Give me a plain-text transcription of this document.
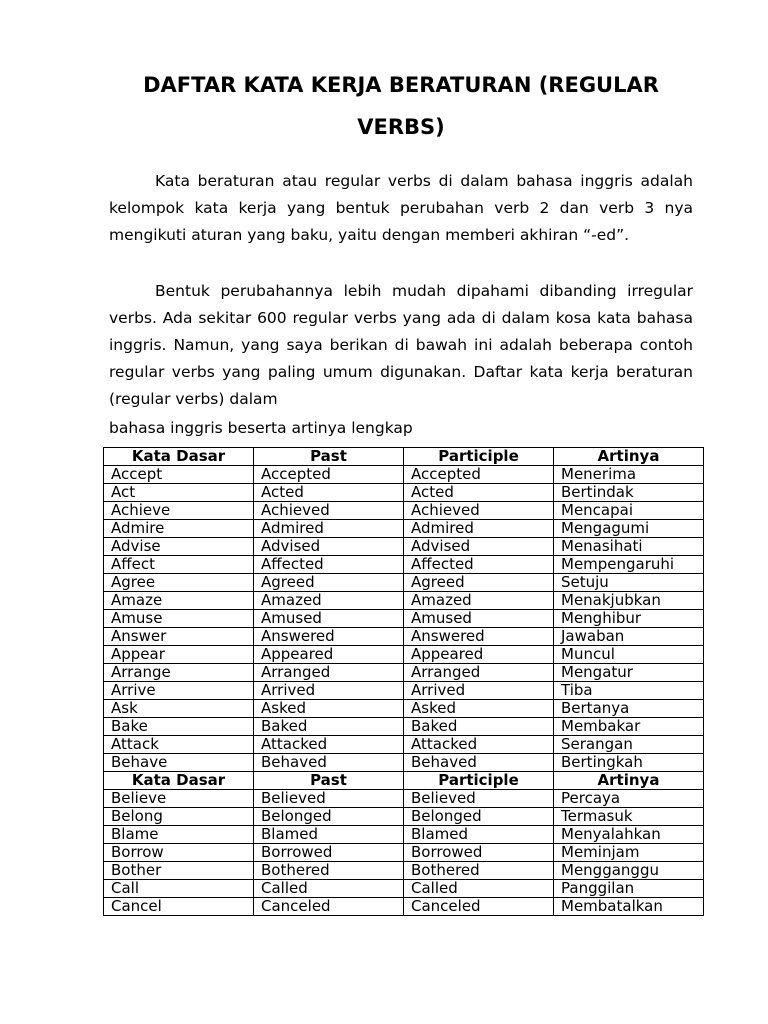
DAFTAR KATA KERJA BERATURAN (REGULAR VERBS)

Kata beraturan atau regular verbs di dalam bahasa inggris adalah kelompok kata kerja yang bentuk perubahan verb 2 dan verb 3 nya mengikuti aturan yang baku, yaitu dengan memberi akhiran “-ed”.

Bentuk perubahannya lebih mudah dipahami dibanding irregular verbs. Ada sekitar 600 regular verbs yang ada di dalam kosa kata bahasa inggris. Namun, yang saya berikan di bawah ini adalah beberapa contoh regular verbs yang paling umum digunakan. Daftar kata kerja beraturan (regular verbs) dalam

bahasa inggris beserta artinya lengkap

Kata Dasar	Past	Participle	Artinya
Accept	Accepted	Accepted	Menerima
Act	Acted	Acted	Bertindak
Achieve	Achieved	Achieved	Mencapai
Admire	Admired	Admired	Mengagumi
Advise	Advised	Advised	Menasihati
Affect	Affected	Affected	Mempengaruhi
Agree	Agreed	Agreed	Setuju
Amaze	Amazed	Amazed	Menakjubkan
Amuse	Amused	Amused	Menghibur
Answer	Answered	Answered	Jawaban
Appear	Appeared	Appeared	Muncul
Arrange	Arranged	Arranged	Mengatur
Arrive	Arrived	Arrived	Tiba
Ask	Asked	Asked	Bertanya
Bake	Baked	Baked	Membakar
Attack	Attacked	Attacked	Serangan
Behave	Behaved	Behaved	Bertingkah
Kata Dasar	Past	Participle	Artinya
Believe	Believed	Believed	Percaya
Belong	Belonged	Belonged	Termasuk
Blame	Blamed	Blamed	Menyalahkan
Borrow	Borrowed	Borrowed	Meminjam
Bother	Bothered	Bothered	Mengganggu
Call	Called	Called	Panggilan
Cancel	Canceled	Canceled	Membatalkan
